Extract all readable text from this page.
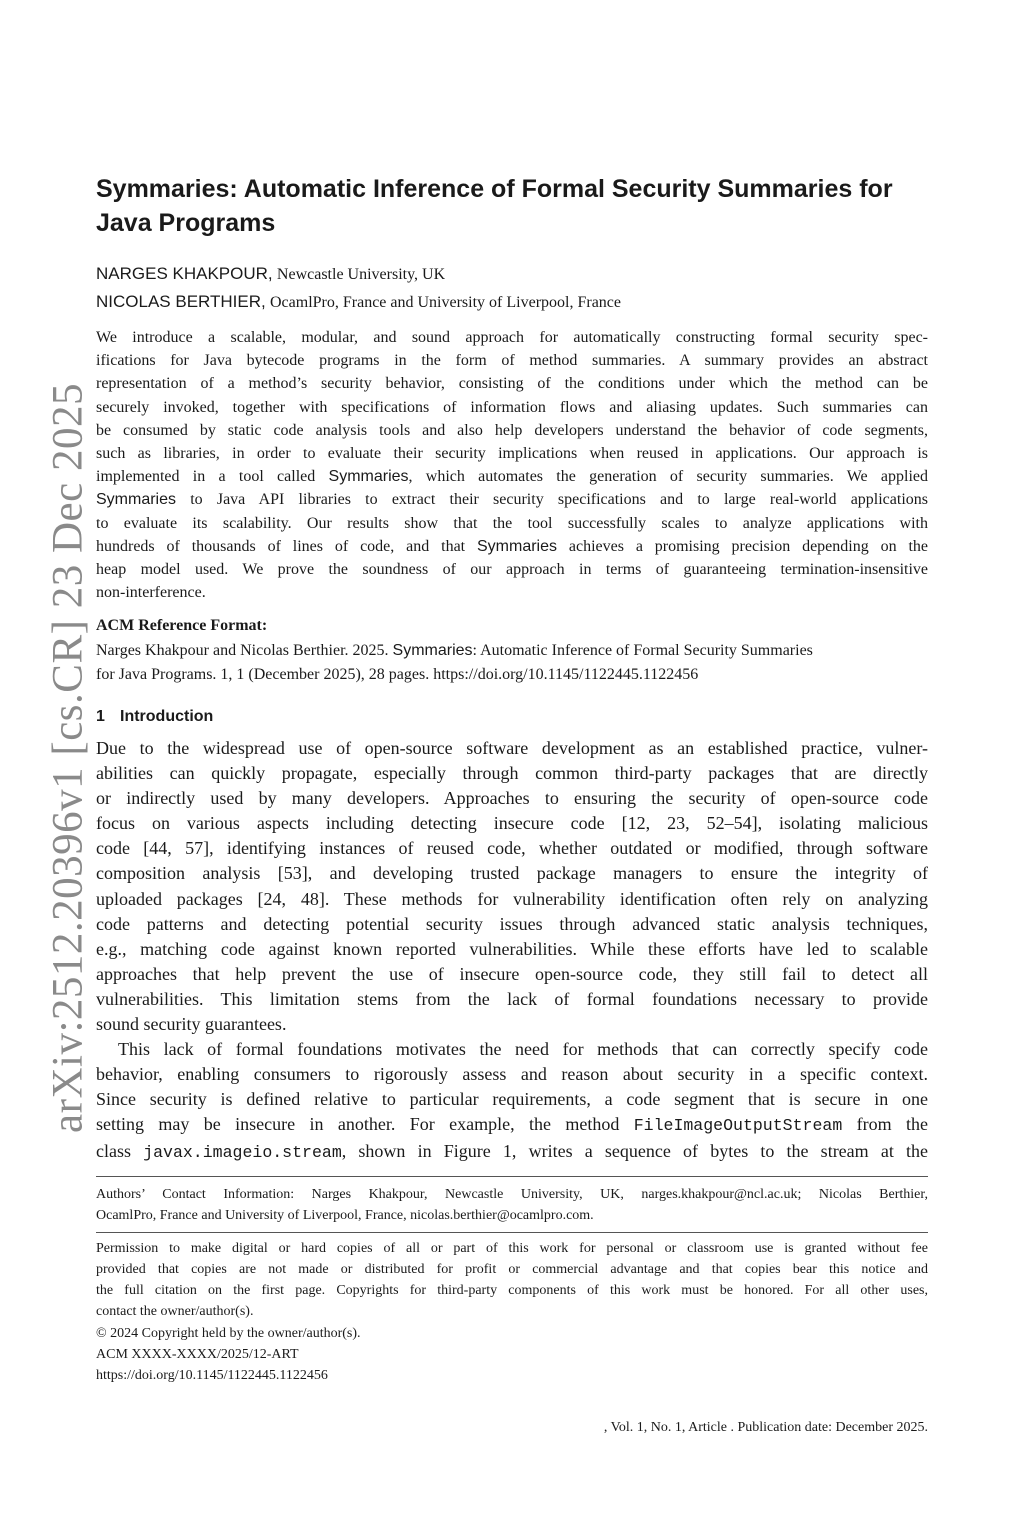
arXiv:2512.20396v1 [cs.CR] 23 Dec 2025
Symmaries: Automatic Inference of Formal Security Summaries for
Java Programs
NARGES KHAKPOUR, Newcastle University, UK
NICOLAS BERTHIER, OcamlPro, France and University of Liverpool, France
We introduce a scalable, modular, and sound approach for automatically constructing formal security spec-
ifications for Java bytecode programs in the form of method summaries. A summary provides an abstract
representation of a method’s security behavior, consisting of the conditions under which the method can be
securely invoked, together with specifications of information flows and aliasing updates. Such summaries can
be consumed by static code analysis tools and also help developers understand the behavior of code segments,
such as libraries, in order to evaluate their security implications when reused in applications. Our approach is
implemented in a tool called Symmaries, which automates the generation of security summaries. We applied
Symmaries to Java API libraries to extract their security specifications and to large real-world applications
to evaluate its scalability. Our results show that the tool successfully scales to analyze applications with
hundreds of thousands of lines of code, and that Symmaries achieves a promising precision depending on the
heap model used. We prove the soundness of our approach in terms of guaranteeing termination-insensitive
non-interference.
ACM Reference Format:
Narges Khakpour and Nicolas Berthier. 2025. Symmaries: Automatic Inference of Formal Security Summaries
for Java Programs. 1, 1 (December 2025), 28 pages. https://doi.org/10.1145/1122445.1122456
1 Introduction
Due to the widespread use of open-source software development as an established practice, vulner-
abilities can quickly propagate, especially through common third-party packages that are directly
or indirectly used by many developers. Approaches to ensuring the security of open-source code
focus on various aspects including detecting insecure code [12, 23, 52–54], isolating malicious
code [44, 57], identifying instances of reused code, whether outdated or modified, through software
composition analysis [53], and developing trusted package managers to ensure the integrity of
uploaded packages [24, 48]. These methods for vulnerability identification often rely on analyzing
code patterns and detecting potential security issues through advanced static analysis techniques,
e.g., matching code against known reported vulnerabilities. While these efforts have led to scalable
approaches that help prevent the use of insecure open-source code, they still fail to detect all
vulnerabilities. This limitation stems from the lack of formal foundations necessary to provide
sound security guarantees.
This lack of formal foundations motivates the need for methods that can correctly specify code
behavior, enabling consumers to rigorously assess and reason about security in a specific context.
Since security is defined relative to particular requirements, a code segment that is secure in one
setting may be insecure in another. For example, the method FileImageOutputStream from the
class javax.imageio.stream, shown in Figure 1, writes a sequence of bytes to the stream at the
Authors’ Contact Information: Narges Khakpour, Newcastle University, UK, narges.khakpour@ncl.ac.uk; Nicolas Berthier,
OcamlPro, France and University of Liverpool, France, nicolas.berthier@ocamlpro.com.
Permission to make digital or hard copies of all or part of this work for personal or classroom use is granted without fee
provided that copies are not made or distributed for profit or commercial advantage and that copies bear this notice and
the full citation on the first page. Copyrights for third-party components of this work must be honored. For all other uses,
contact the owner/author(s).
© 2024 Copyright held by the owner/author(s).
ACM XXXX-XXXX/2025/12-ART
https://doi.org/10.1145/1122445.1122456
, Vol. 1, No. 1, Article . Publication date: December 2025.
